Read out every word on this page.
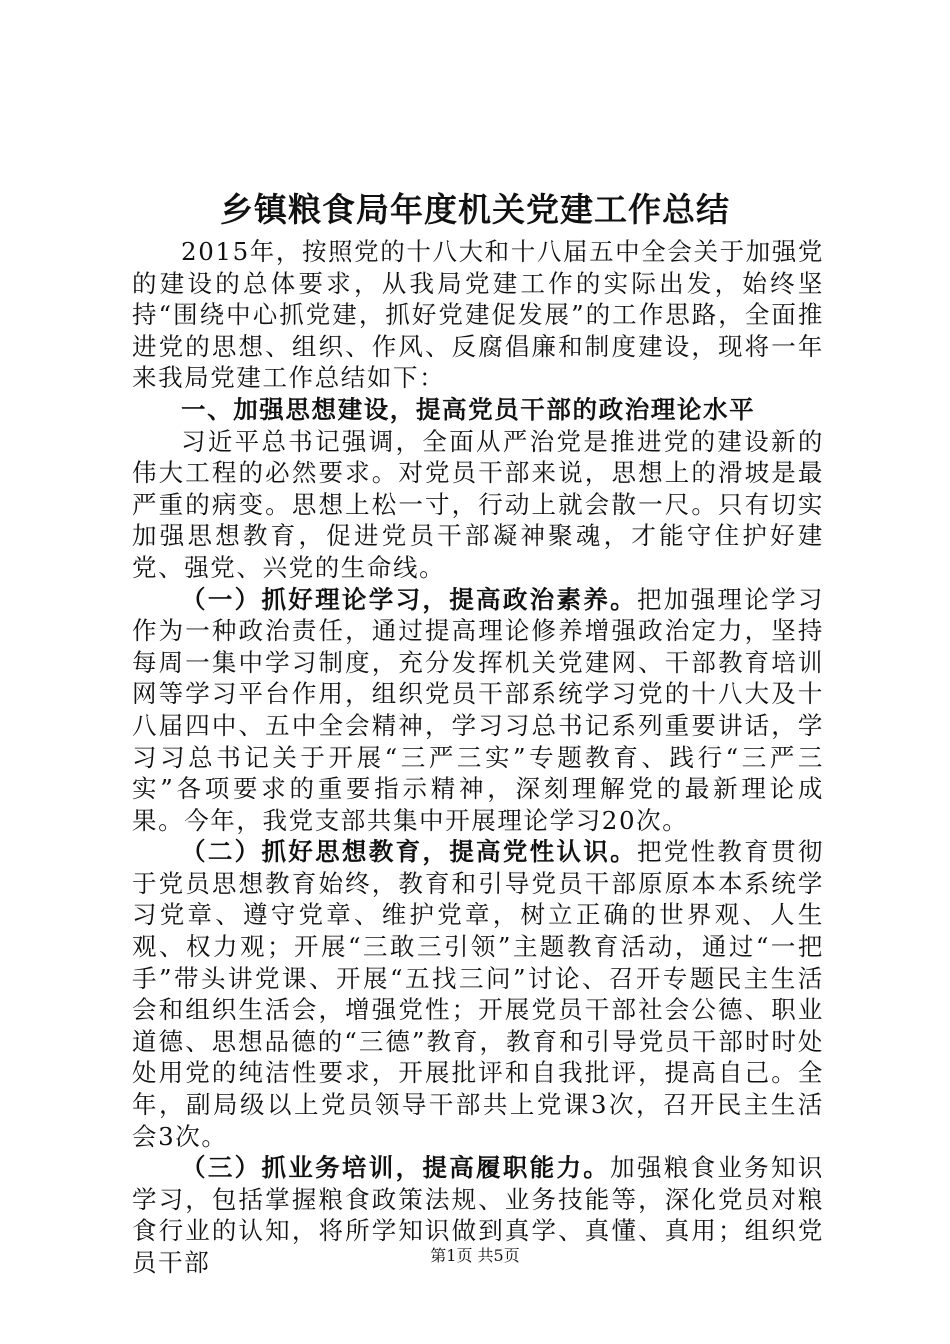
乡镇粮食局年度机关党建工作总结

2015年，按照党的十八大和十八届五中全会关于加强党的建设的总体要求，从我局党建工作的实际出发，始终坚持“围绕中心抓党建，抓好党建促发展”的工作思路，全面推进党的思想、组织、作风、反腐倡廉和制度建设，现将一年来我局党建工作总结如下：

一、加强思想建设，提高党员干部的政治理论水平

习近平总书记强调，全面从严治党是推进党的建设新的伟大工程的必然要求。对党员干部来说，思想上的滑坡是最严重的病变。思想上松一寸，行动上就会散一尺。只有切实加强思想教育，促进党员干部凝神聚魂，才能守住护好建党、强党、兴党的生命线。

（一）抓好理论学习，提高政治素养。把加强理论学习作为一种政治责任，通过提高理论修养增强政治定力，坚持每周一集中学习制度，充分发挥机关党建网、干部教育培训网等学习平台作用，组织党员干部系统学习党的十八大及十八届四中、五中全会精神，学习习总书记系列重要讲话，学习习总书记关于开展“三严三实”专题教育、践行“三严三实”各项要求的重要指示精神，深刻理解党的最新理论成果。今年，我党支部共集中开展理论学习20次。

（二）抓好思想教育，提高党性认识。把党性教育贯彻于党员思想教育始终，教育和引导党员干部原原本本系统学习党章、遵守党章、维护党章，树立正确的世界观、人生观、权力观；开展“三敢三引领”主题教育活动，通过“一把手”带头讲党课、开展“五找三问”讨论、召开专题民主生活会和组织生活会，增强党性；开展党员干部社会公德、职业道德、思想品德的“三德”教育，教育和引导党员干部时时处处用党的纯洁性要求，开展批评和自我批评，提高自己。全年，副局级以上党员领导干部共上党课3次，召开民主生活会3次。

（三）抓业务培训，提高履职能力。加强粮食业务知识学习，包括掌握粮食政策法规、业务技能等，深化党员对粮食行业的认知，将所学知识做到真学、真懂、真用；组织党员干部	第1页 共5页
